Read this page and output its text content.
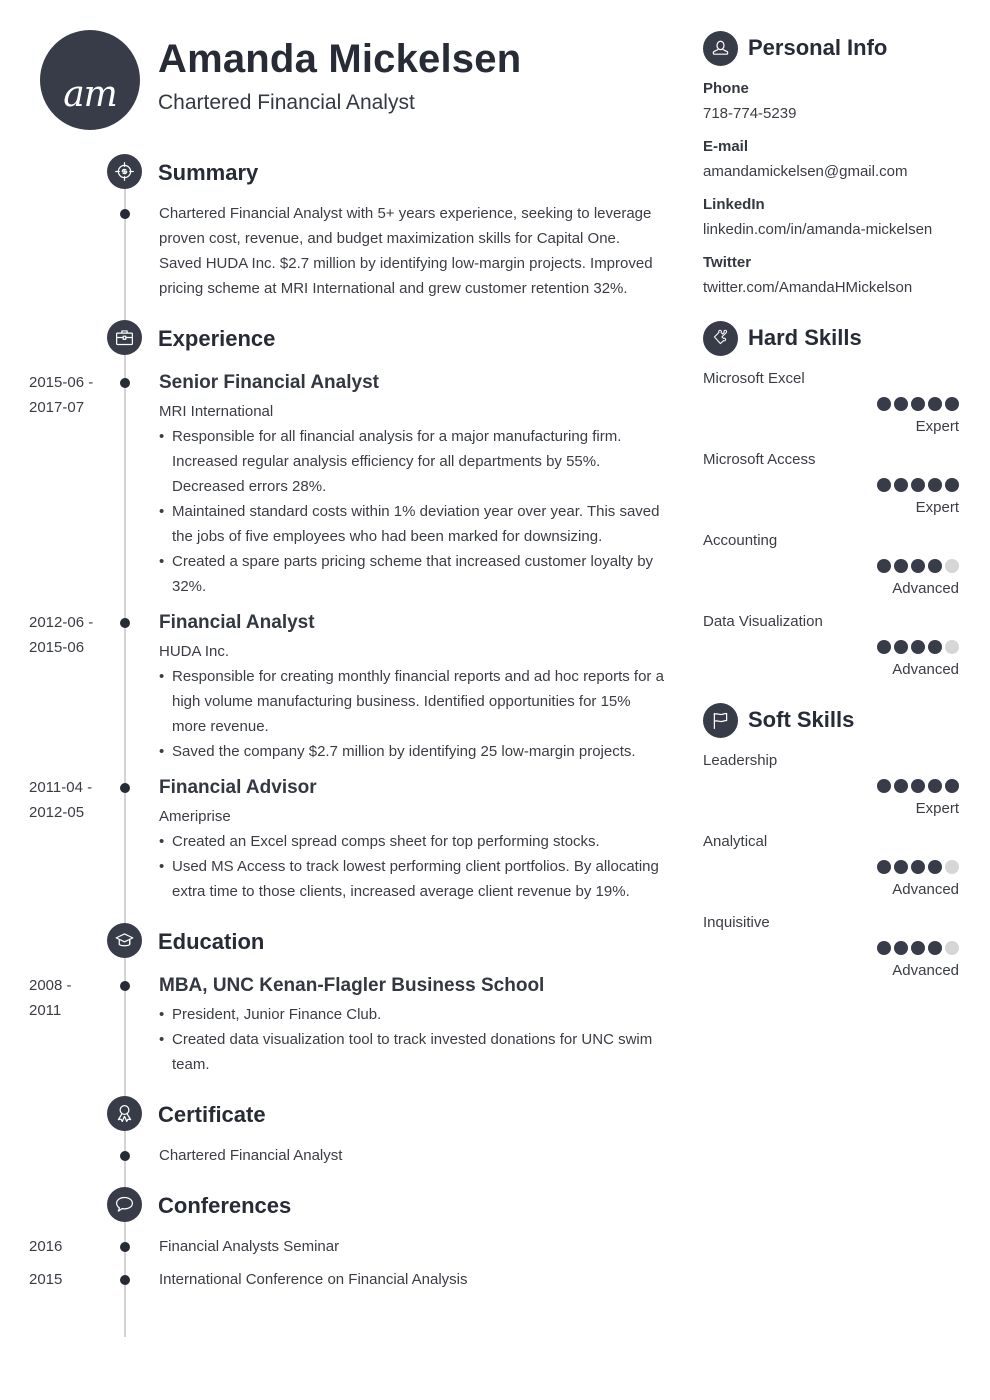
am
Amanda Mickelsen
Chartered Financial Analyst
Summary
Chartered Financial Analyst with 5+ years experience, seeking to leverage proven cost, revenue, and budget maximization skills for Capital One. Saved HUDA Inc. $2.7 million by identifying low-margin projects. Improved pricing scheme at MRI International and grew customer retention 32%.
Experience
2015-06 -
2017-07
Senior Financial Analyst
MRI International
• Responsible for all financial analysis for a major manufacturing firm. Increased regular analysis efficiency for all departments by 55%. Decreased errors 28%.
• Maintained standard costs within 1% deviation year over year. This saved the jobs of five employees who had been marked for downsizing.
• Created a spare parts pricing scheme that increased customer loyalty by 32%.
2012-06 -
2015-06
Financial Analyst
HUDA Inc.
• Responsible for creating monthly financial reports and ad hoc reports for a high volume manufacturing business. Identified opportunities for 15% more revenue.
• Saved the company $2.7 million by identifying 25 low-margin projects.
2011-04 -
2012-05
Financial Advisor
Ameriprise
• Created an Excel spread comps sheet for top performing stocks.
• Used MS Access to track lowest performing client portfolios. By allocating extra time to those clients, increased average client revenue by 19%.
Education
2008 -
2011
MBA, UNC Kenan-Flagler Business School
• President, Junior Finance Club.
• Created data visualization tool to track invested donations for UNC swim team.
Certificate
Chartered Financial Analyst
Conferences
2016	Financial Analysts Seminar
2015	International Conference on Financial Analysis
Personal Info
Phone
718-774-5239
E-mail
amandamickelsen@gmail.com
LinkedIn
linkedin.com/in/amanda-mickelsen
Twitter
twitter.com/AmandaHMickelson
Hard Skills
Microsoft Excel
Expert
Microsoft Access
Expert
Accounting
Advanced
Data Visualization
Advanced
Soft Skills
Leadership
Expert
Analytical
Advanced
Inquisitive
Advanced
